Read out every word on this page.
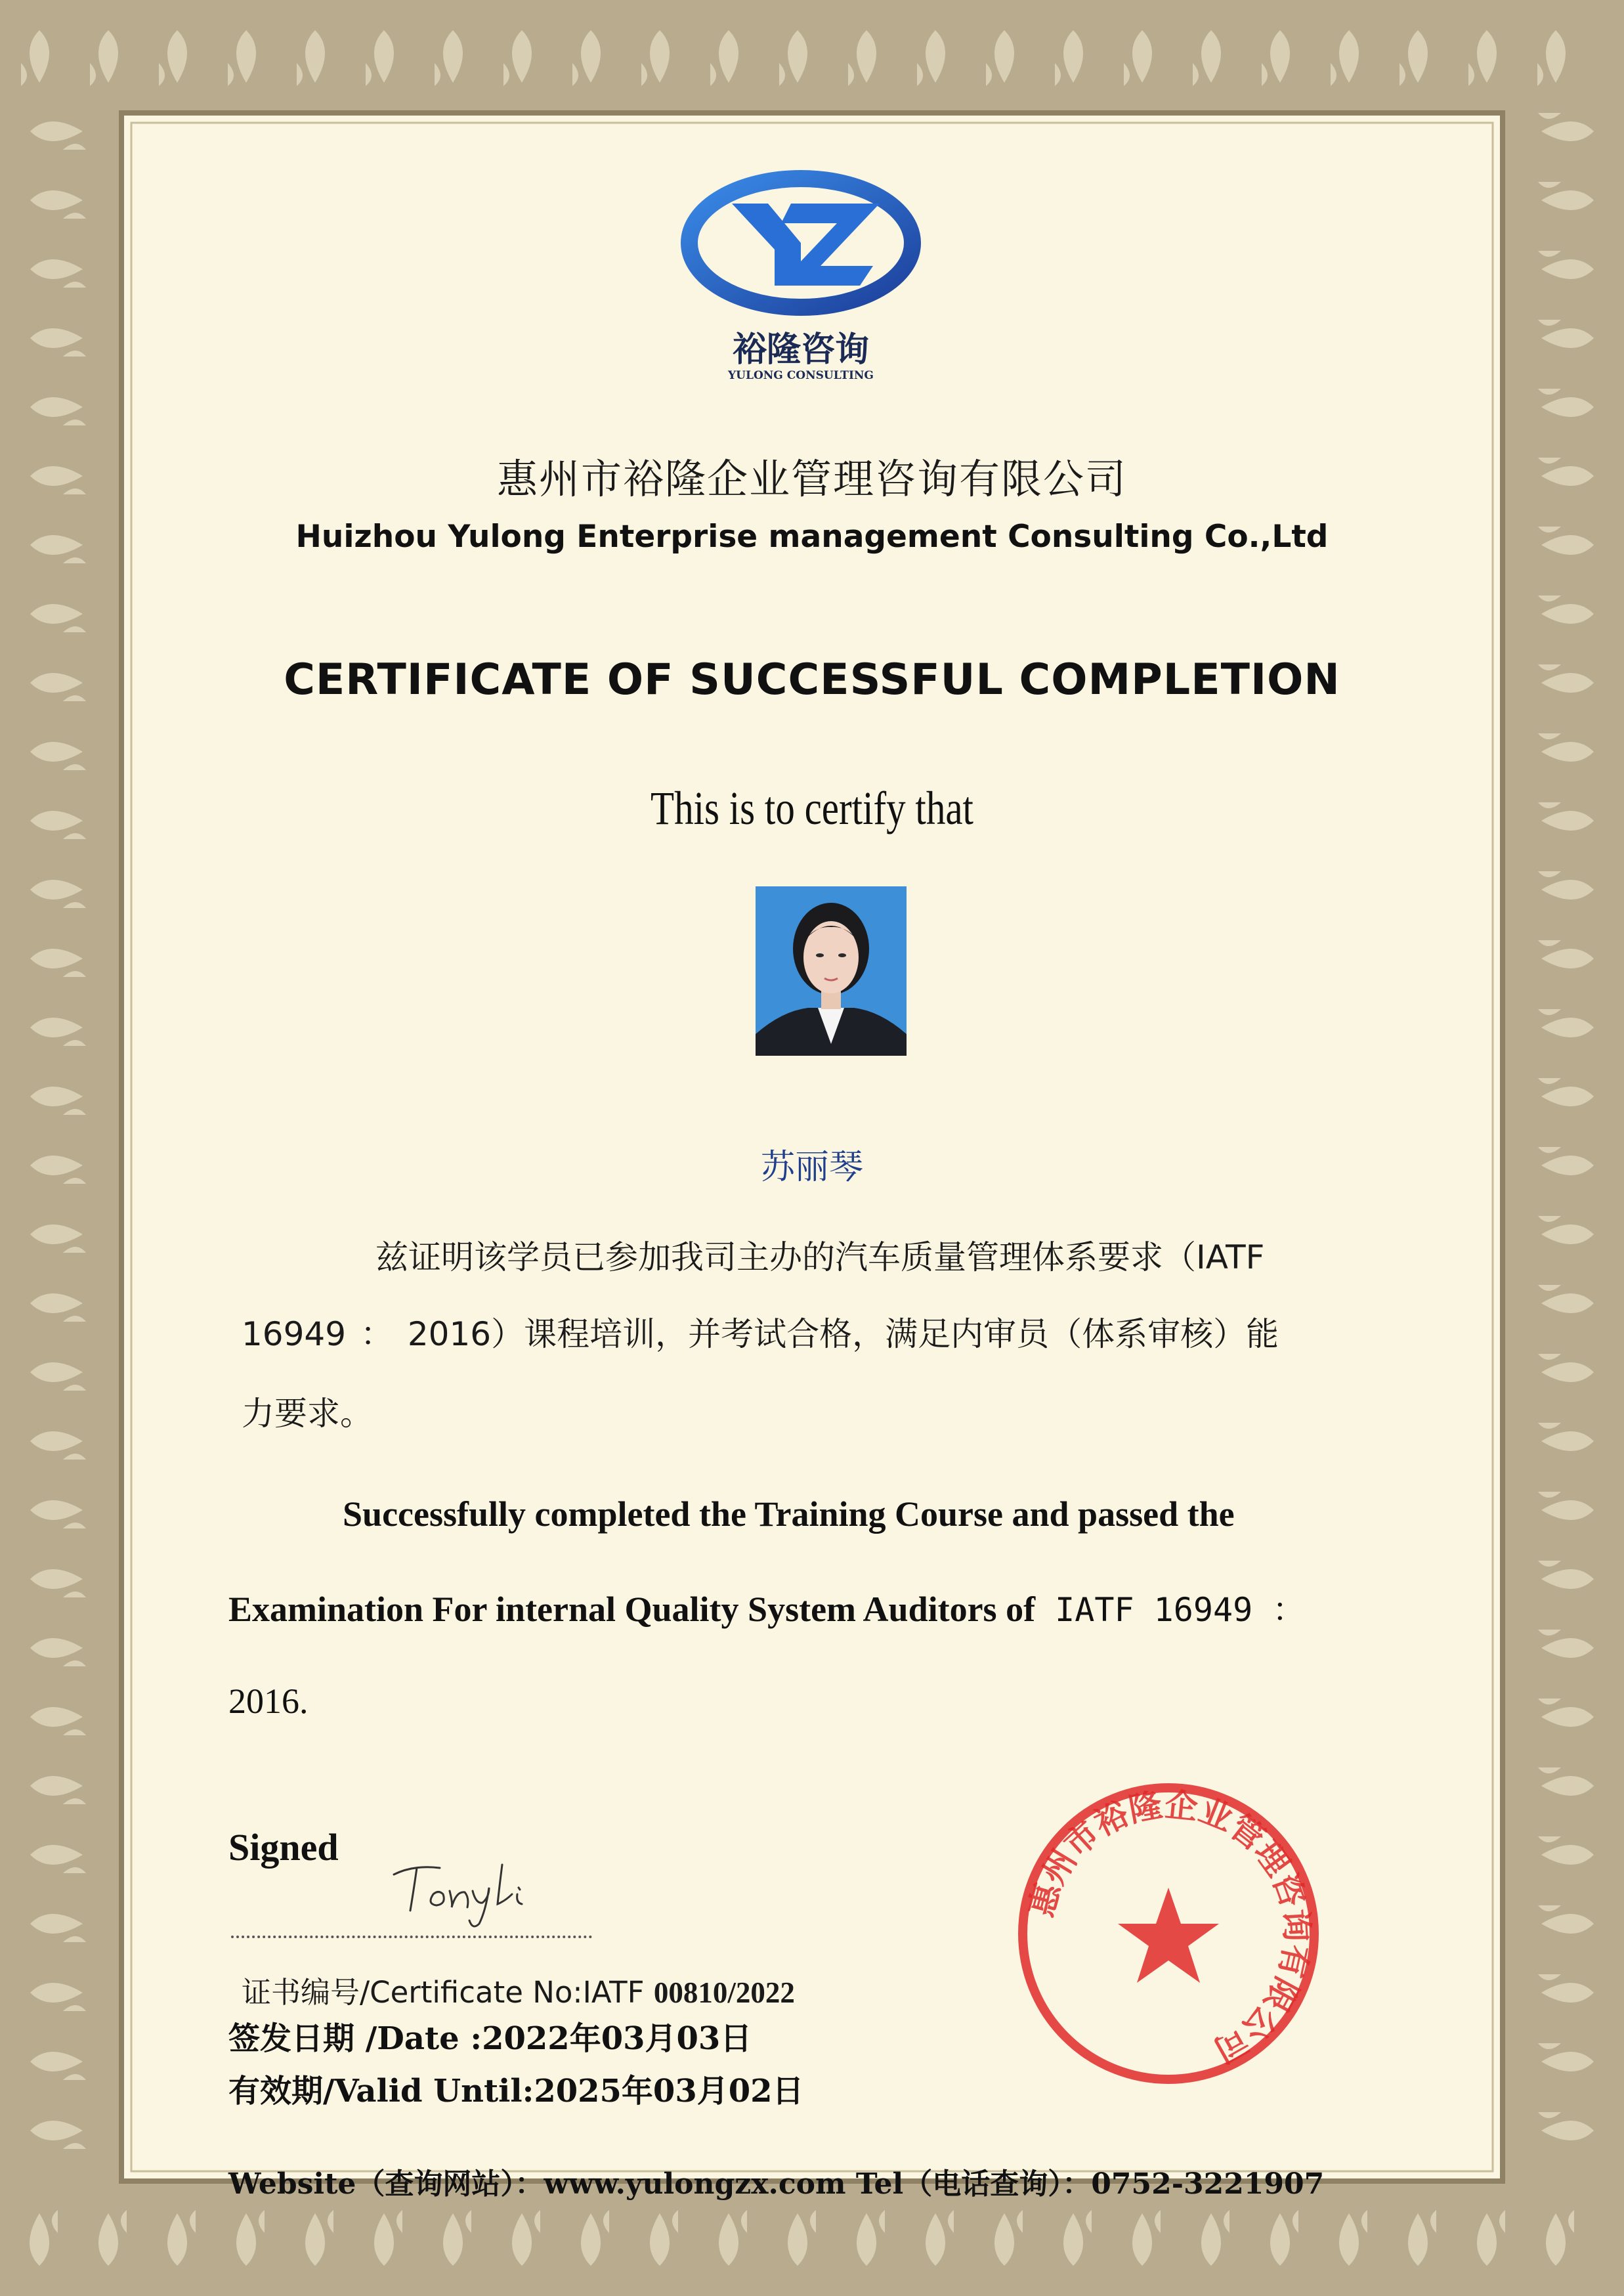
裕隆咨询
YULONG CONSULTING
惠州市裕隆企业管理咨询有限公司
Huizhou Yulong Enterprise management Consulting Co.,Ltd
CERTIFICATE OF SUCCESSFUL COMPLETION
This is to certify that
苏丽琴
兹证明该学员已参加我司主办的汽车质量管理体系要求（IATF
16949 ： 2016）课程培训，并考试合格，满足内审员（体系审核）能
力要求。
Successfully completed the Training Course and passed the
Examination For internal Quality System Auditors of IATF 16949 ：
2016.
Signed
证书编号/Certificate No:IATF 00810/2022
签发日期 /Date :2022年03月03日
有效期/Valid Until:2025年03月02日
Website（查询网站）：www.yulongzx.com Tel（电话查询）：0752-3221907
惠州市裕隆企业管理咨询有限公司
